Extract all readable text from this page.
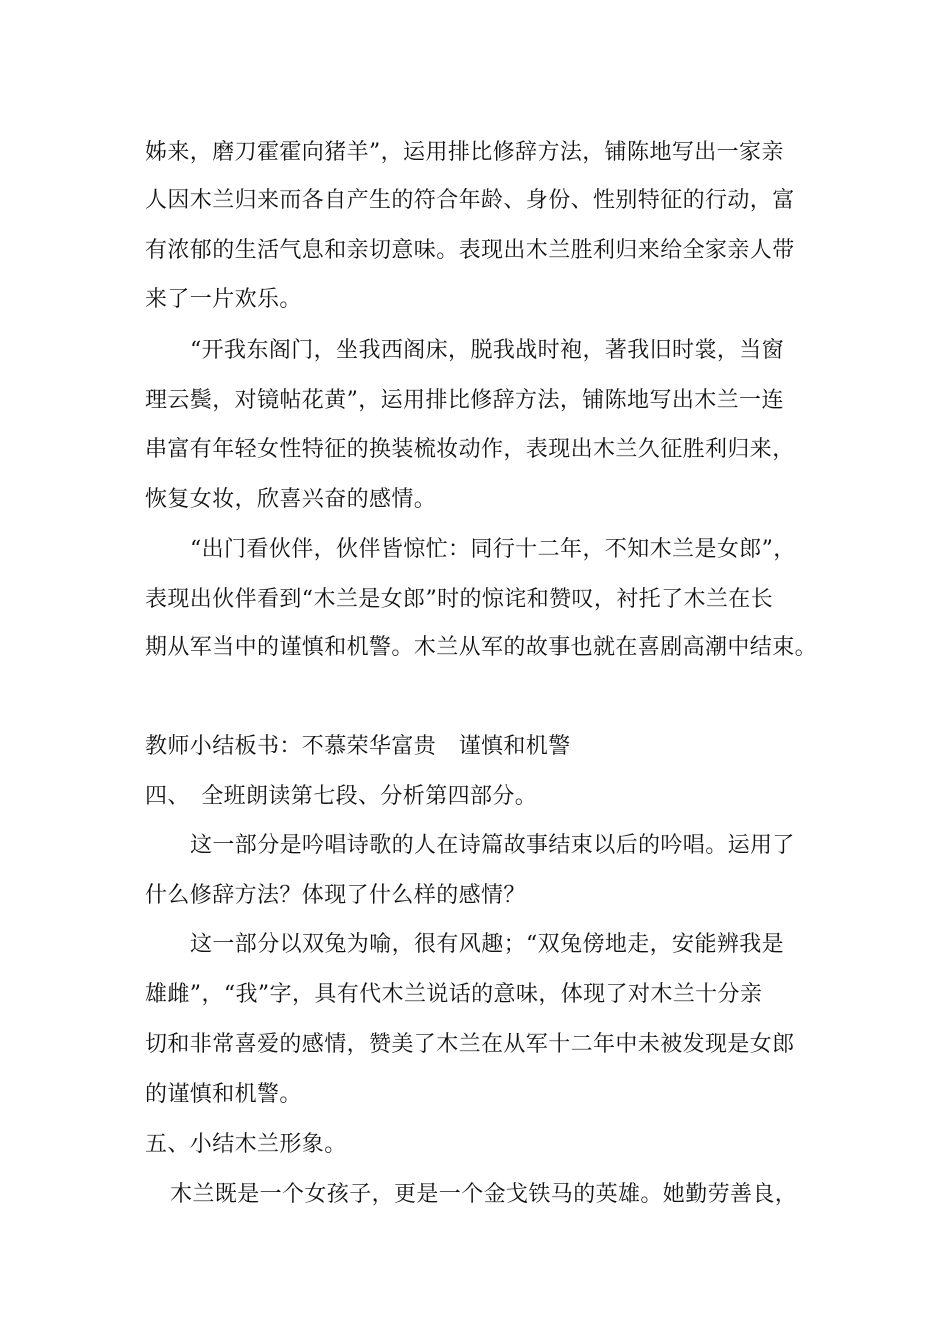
姊来，磨刀霍霍向猪羊”，运用排比修辞方法，铺陈地写出一家亲
人因木兰归来而各自产生的符合年龄、身份、性别特征的行动，富
有浓郁的生活气息和亲切意味。表现出木兰胜利归来给全家亲人带
来了一片欢乐。
“开我东阁门，坐我西阁床，脱我战时袍，著我旧时裳，当窗
理云鬓，对镜帖花黄”，运用排比修辞方法，铺陈地写出木兰一连
串富有年轻女性特征的换装梳妆动作，表现出木兰久征胜利归来，
恢复女妆，欣喜兴奋的感情。
“出门看伙伴，伙伴皆惊忙：同行十二年，不知木兰是女郎”，
表现出伙伴看到“木兰是女郎”时的惊诧和赞叹，衬托了木兰在长
期从军当中的谨慎和机警。木兰从军的故事也就在喜剧高潮中结束。
教师小结板书：不慕荣华富贵　谨慎和机警
四、　全班朗读第七段、分析第四部分。
这一部分是吟唱诗歌的人在诗篇故事结束以后的吟唱。运用了
什么修辞方法？体现了什么样的感情？
这一部分以双兔为喻，很有风趣；“双兔傍地走，安能辨我是
雄雌”，“我”字，具有代木兰说话的意味，体现了对木兰十分亲
切和非常喜爱的感情，赞美了木兰在从军十二年中未被发现是女郎
的谨慎和机警。
五、小结木兰形象。
木兰既是一个女孩子，更是一个金戈铁马的英雄。她勤劳善良，
